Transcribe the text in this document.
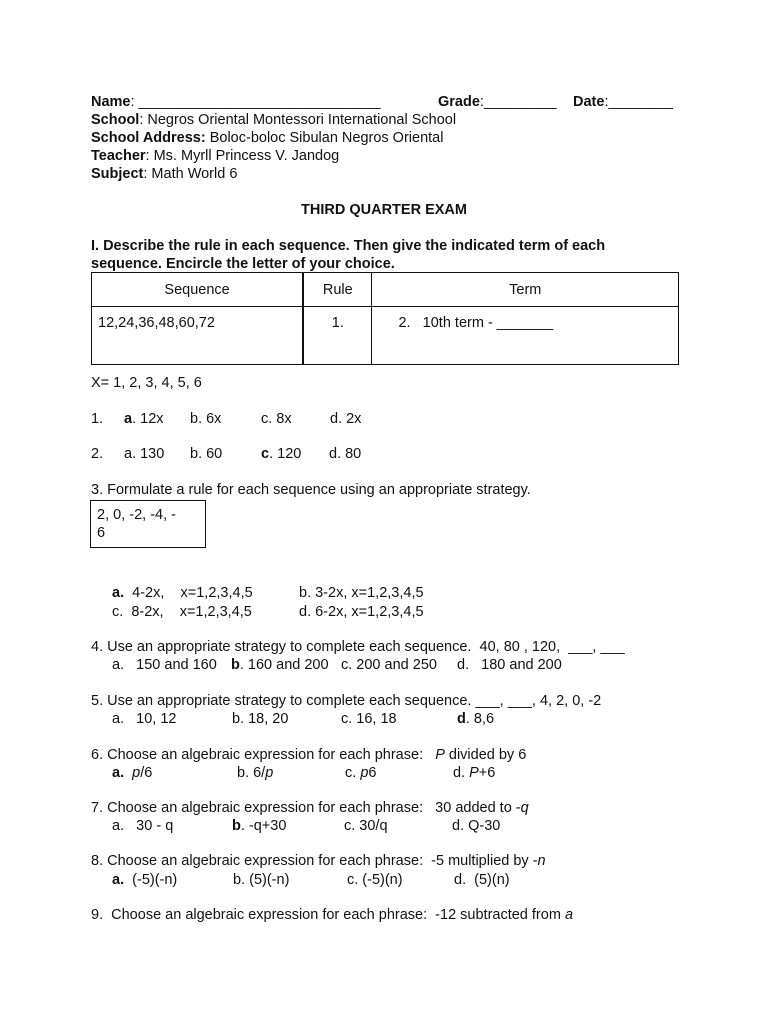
Name: ______________________________	Grade:_________ Date:________
School: Negros Oriental Montessori International School
School Address: Boloc-boloc Sibulan Negros Oriental
Teacher: Ms. Myrll Princess V. Jandog
Subject: Math World 6
THIRD QUARTER EXAM
I. Describe the rule in each sequence. Then give the indicated term of each
sequence. Encircle the letter of your choice.
Sequence	Rule	Term
12,24,36,48,60,72	1.	2.   10th term - _______
X= 1, 2, 3, 4, 5, 6
1. a. 12x b. 6x	c. 8x	d. 2x
2. a. 130 b. 60	c. 120 d. 80
3. Formulate a rule for each sequence using an appropriate strategy.
2, 0, -2, -4, -
6
a. 4-2x,    x=1,2,3,4,5	b. 3-2x, x=1,2,3,4,5
c. 8-2x,    x=1,2,3,4,5	d. 6-2x, x=1,2,3,4,5
4. Use an appropriate strategy to complete each sequence.  40, 80 , 120,  ___, ___
a.   150 and 160 b. 160 and 200 c. 200 and 250 d.   180 and 200
5. Use an appropriate strategy to complete each sequence. ___, ___, 4, 2, 0, -2
a.   10, 12	b. 18, 20	c. 16, 18	d. 8,6
6. Choose an algebraic expression for each phrase:   P divided by 6
a. p/6	b. 6/p	c. p6	d. P+6
7. Choose an algebraic expression for each phrase:   30 added to -q
a.   30 - q	b. -q+30	c. 30/q	d. Q-30
8. Choose an algebraic expression for each phrase:  -5 multiplied by -n
a. (-5)(-n)	b. (5)(-n)	c. (-5)(n)	d.  (5)(n)
9.  Choose an algebraic expression for each phrase:  -12 subtracted from a
